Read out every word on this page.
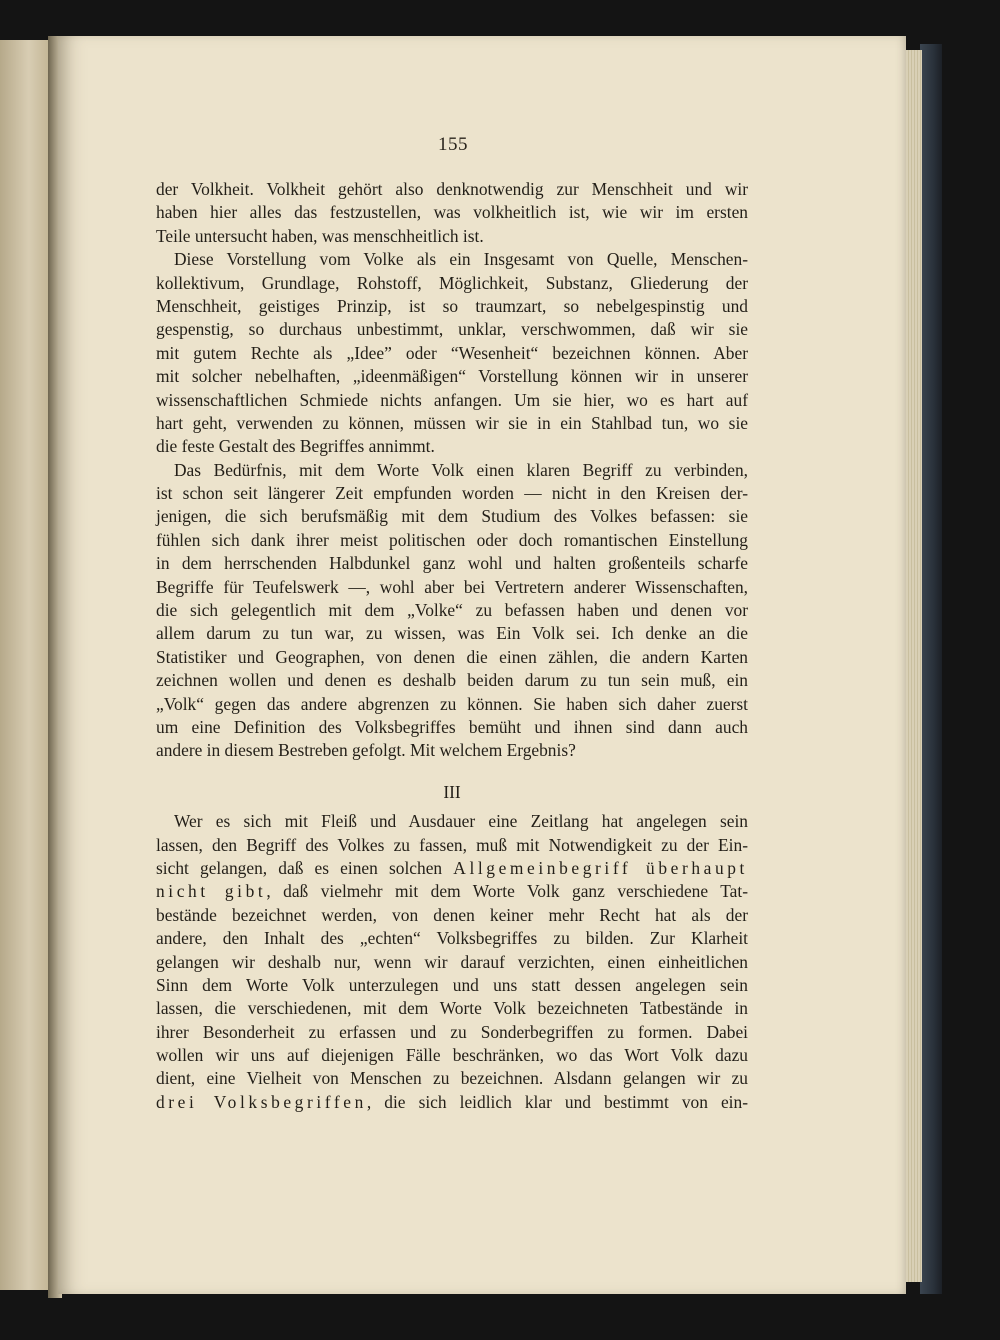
155
der Volkheit. Volkheit gehört also denknotwendig zur Menschheit und wir
haben hier alles das festzustellen, was volkheitlich ist, wie wir im ersten
Teile untersucht haben, was menschheitlich ist.
Diese Vorstellung vom Volke als ein Insgesamt von Quelle, Menschen-
kollektivum, Grundlage, Rohstoff, Möglichkeit, Substanz, Gliederung der
Menschheit, geistiges Prinzip, ist so traumzart, so nebelgespinstig und
gespenstig, so durchaus unbestimmt, unklar, verschwommen, daß wir sie
mit gutem Rechte als „Idee” oder “Wesenheit“ bezeichnen können. Aber
mit solcher nebelhaften, „ideenmäßigen“ Vorstellung können wir in unserer
wissenschaftlichen Schmiede nichts anfangen. Um sie hier, wo es hart auf
hart geht, verwenden zu können, müssen wir sie in ein Stahlbad tun, wo sie
die feste Gestalt des Begriffes annimmt.
Das Bedürfnis, mit dem Worte Volk einen klaren Begriff zu verbinden,
ist schon seit längerer Zeit empfunden worden — nicht in den Kreisen der-
jenigen, die sich berufsmäßig mit dem Studium des Volkes befassen: sie
fühlen sich dank ihrer meist politischen oder doch romantischen Einstellung
in dem herrschenden Halbdunkel ganz wohl und halten großenteils scharfe
Begriffe für Teufelswerk —, wohl aber bei Vertretern anderer Wissenschaften,
die sich gelegentlich mit dem „Volke“ zu befassen haben und denen vor
allem darum zu tun war, zu wissen, was Ein Volk sei. Ich denke an die
Statistiker und Geographen, von denen die einen zählen, die andern Karten
zeichnen wollen und denen es deshalb beiden darum zu tun sein muß, ein
„Volk“ gegen das andere abgrenzen zu können. Sie haben sich daher zuerst
um eine Definition des Volksbegriffes bemüht und ihnen sind dann auch
andere in diesem Bestreben gefolgt. Mit welchem Ergebnis?
III
Wer es sich mit Fleiß und Ausdauer eine Zeitlang hat angelegen sein
lassen, den Begriff des Volkes zu fassen, muß mit Notwendigkeit zu der Ein-
sicht gelangen, daß es einen solchen Allgemeinbegriff überhaupt
nicht gibt, daß vielmehr mit dem Worte Volk ganz verschiedene Tat-
bestände bezeichnet werden, von denen keiner mehr Recht hat als der
andere, den Inhalt des „echten“ Volksbegriffes zu bilden. Zur Klarheit
gelangen wir deshalb nur, wenn wir darauf verzichten, einen einheitlichen
Sinn dem Worte Volk unterzulegen und uns statt dessen angelegen sein
lassen, die verschiedenen, mit dem Worte Volk bezeichneten Tatbestände in
ihrer Besonderheit zu erfassen und zu Sonderbegriffen zu formen. Dabei
wollen wir uns auf diejenigen Fälle beschränken, wo das Wort Volk dazu
dient, eine Vielheit von Menschen zu bezeichnen. Alsdann gelangen wir zu
drei Volksbegriffen, die sich leidlich klar und bestimmt von ein-
